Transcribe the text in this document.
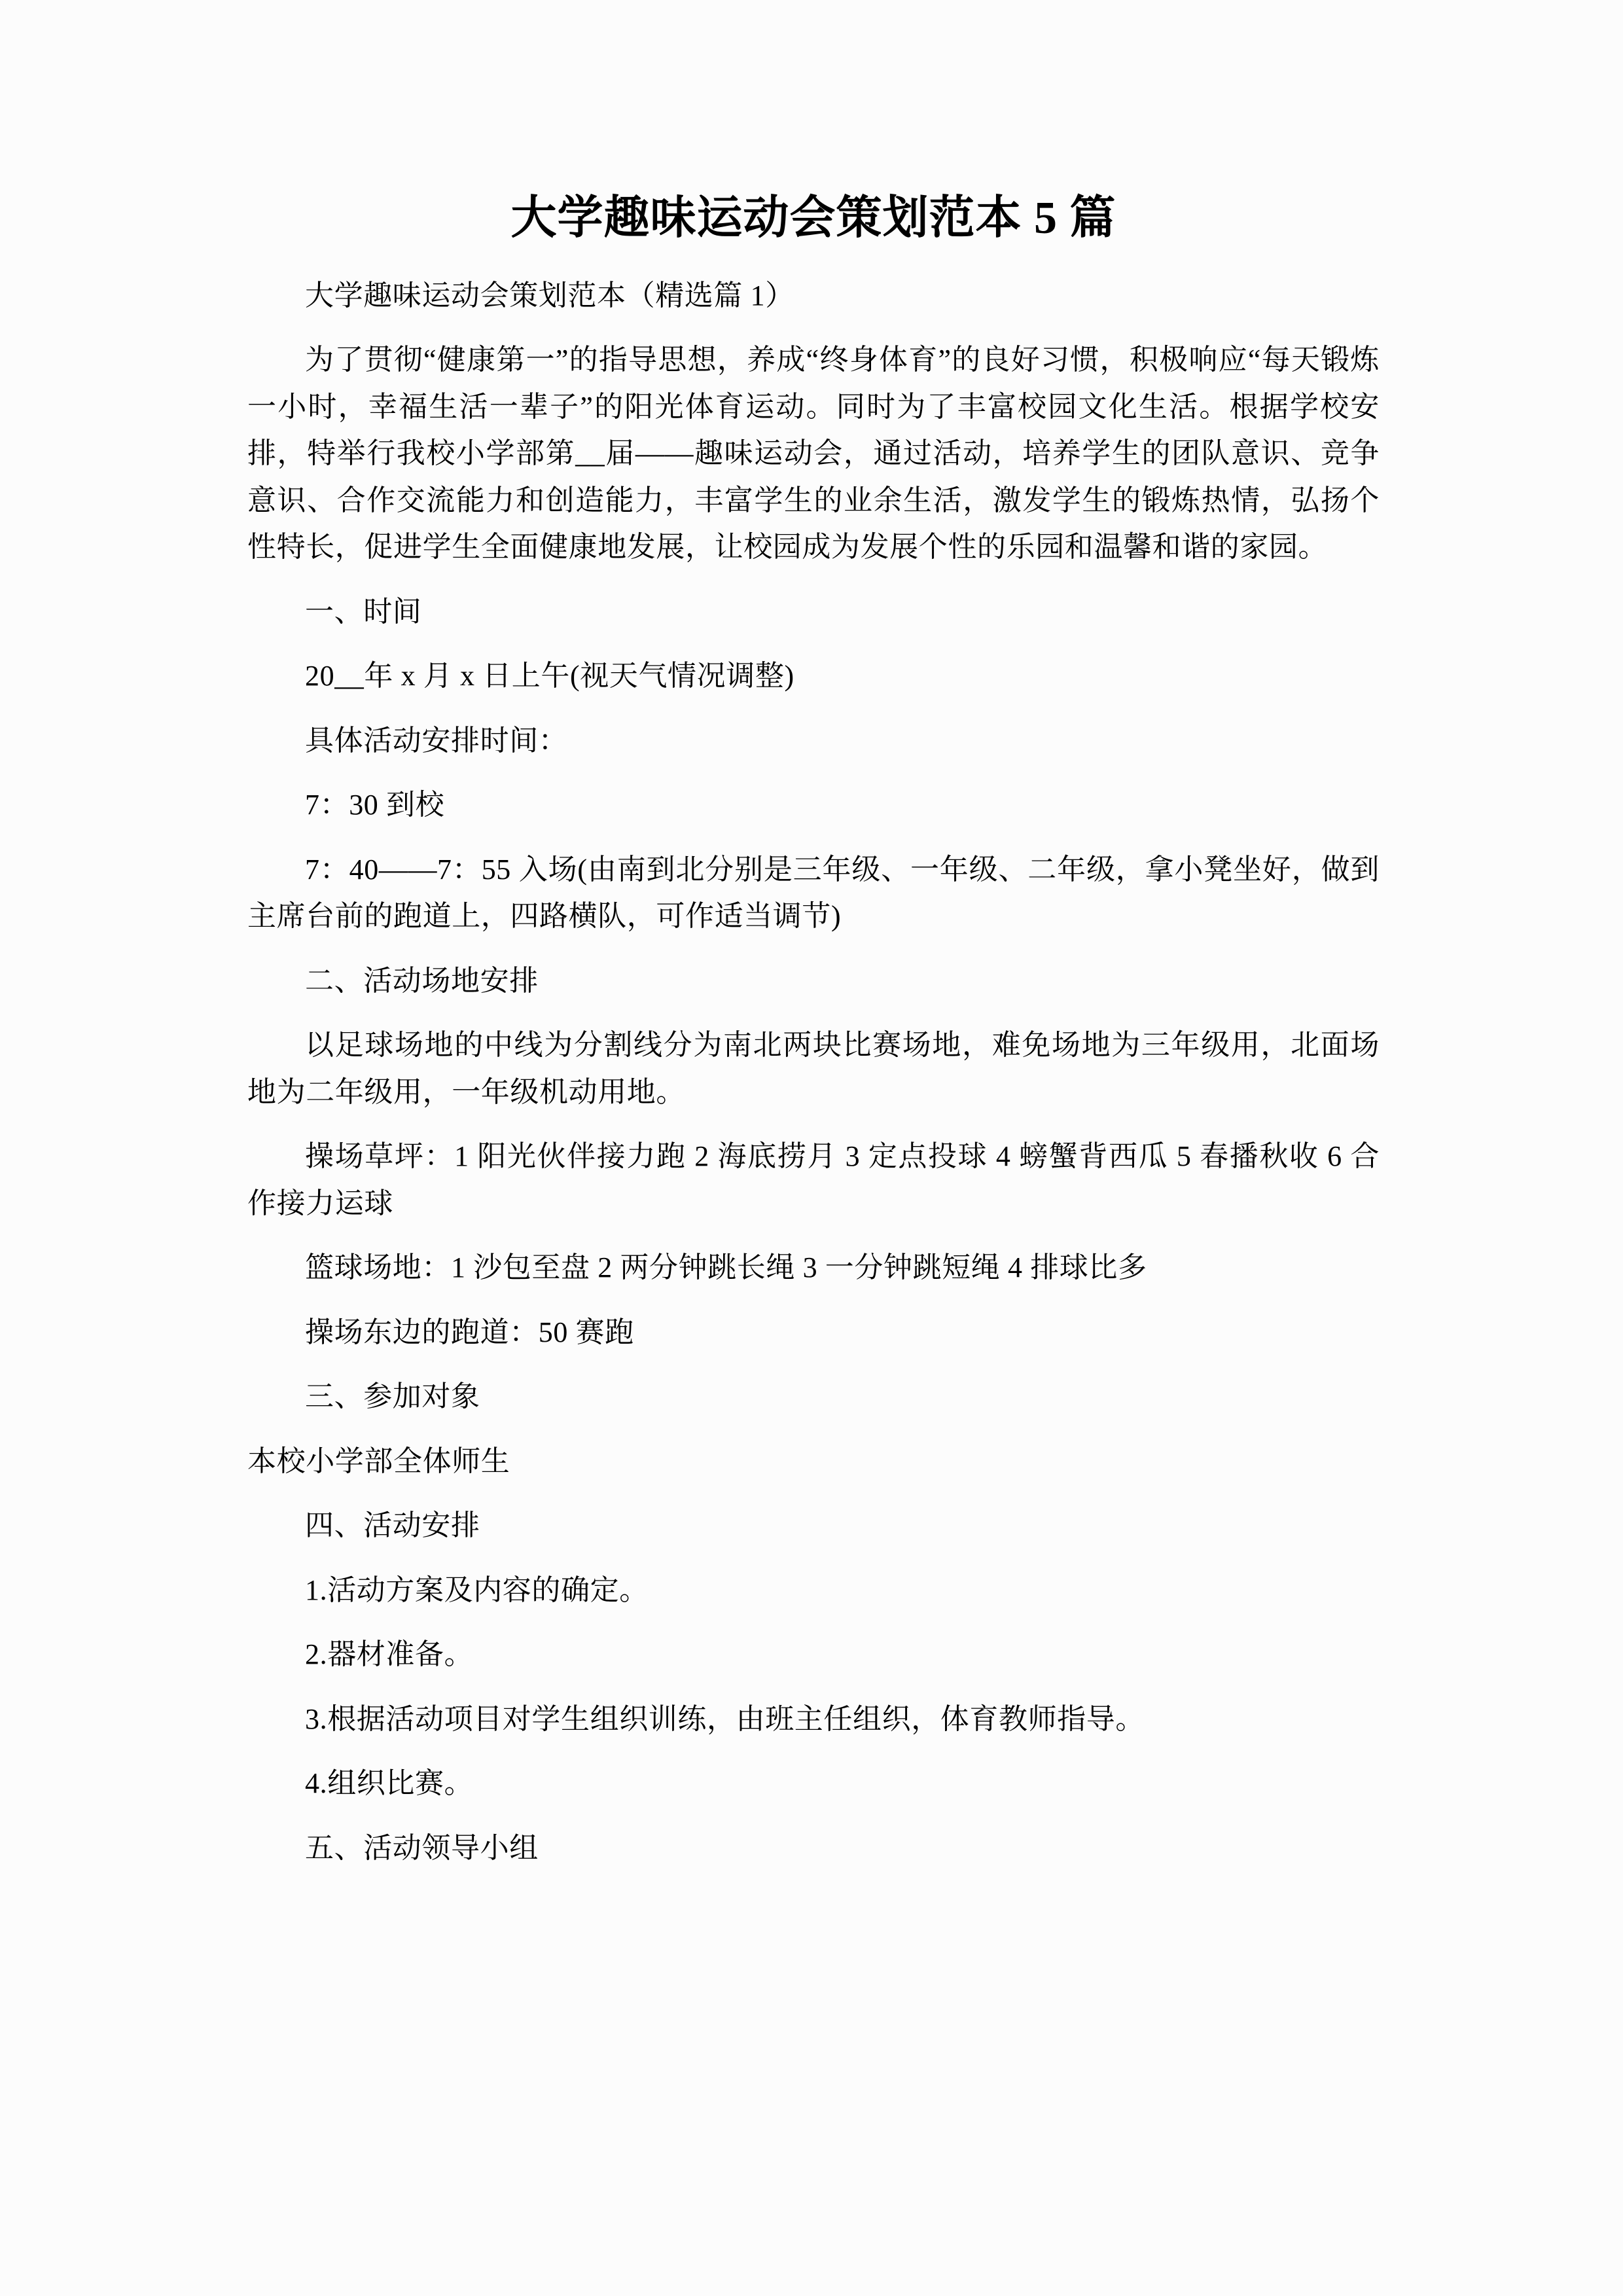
大学趣味运动会策划范本 5 篇

大学趣味运动会策划范本（精选篇 1）

为了贯彻“健康第一”的指导思想，养成“终身体育”的良好习惯，积极响应“每天锻炼一小时，幸福生活一辈子”的阳光体育运动。同时为了丰富校园文化生活。根据学校安排，特举行我校小学部第__届——趣味运动会，通过活动，培养学生的团队意识、竞争意识、合作交流能力和创造能力，丰富学生的业余生活，激发学生的锻炼热情，弘扬个性特长，促进学生全面健康地发展，让校园成为发展个性的乐园和温馨和谐的家园。

一、时间

20__年 x 月 x 日上午(视天气情况调整)

具体活动安排时间：

7：30 到校

7：40——7：55 入场(由南到北分别是三年级、一年级、二年级，拿小凳坐好，做到主席台前的跑道上，四路横队，可作适当调节)

二、活动场地安排

以足球场地的中线为分割线分为南北两块比赛场地，难免场地为三年级用，北面场地为二年级用，一年级机动用地。

操场草坪：1 阳光伙伴接力跑 2 海底捞月 3 定点投球 4 螃蟹背西瓜 5 春播秋收 6 合作接力运球

篮球场地：1 沙包至盘 2 两分钟跳长绳 3 一分钟跳短绳 4 排球比多

操场东边的跑道：50 赛跑

三、参加对象

本校小学部全体师生

四、活动安排

1.活动方案及内容的确定。

2.器材准备。

3.根据活动项目对学生组织训练，由班主任组织，体育教师指导。

4.组织比赛。

五、活动领导小组
